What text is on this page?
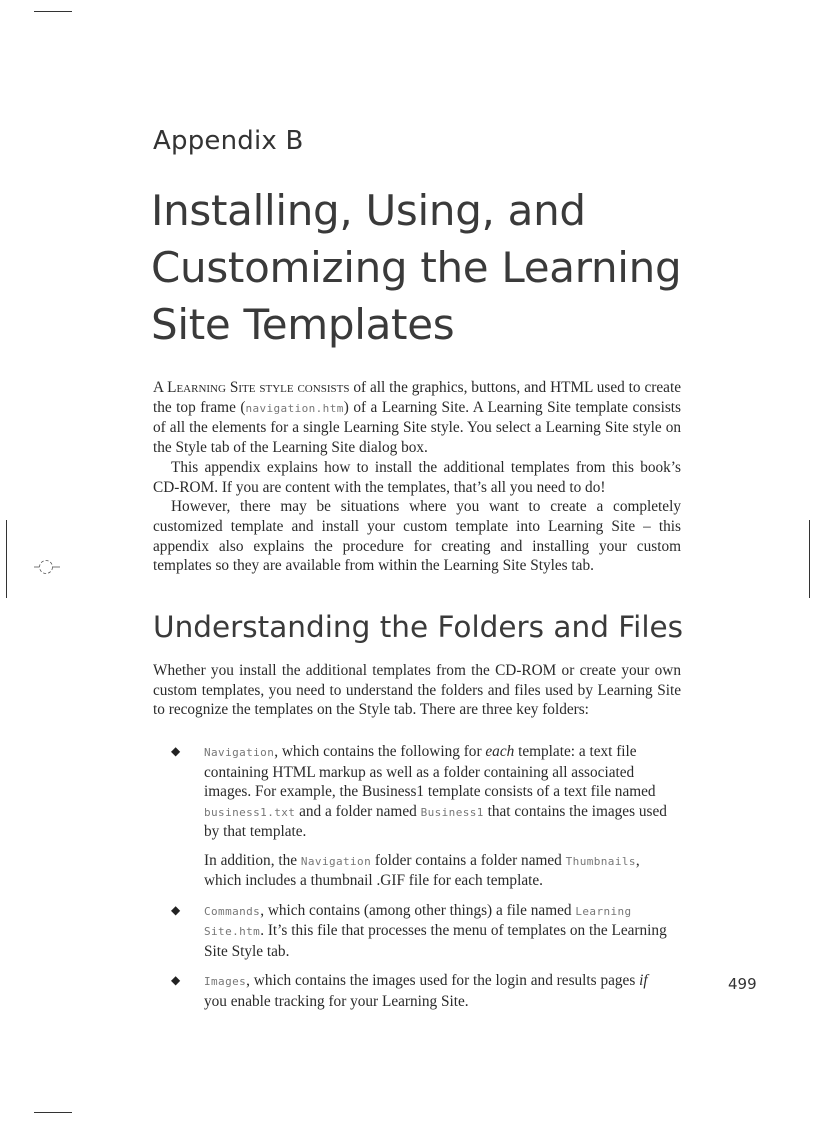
Appendix B
Installing, Using, and
Customizing the Learning
Site Templates

A Learning Site style consists of all the graphics, buttons, and HTML used to create the top frame (navigation.htm) of a Learning Site. A Learning Site template consists of all the elements for a single Learning Site style. You select a Learning Site style on the Style tab of the Learning Site dialog box.

This appendix explains how to install the additional templates from this book’s CD-ROM. If you are content with the templates, that’s all you need to do!

However, there may be situations where you want to create a completely customized template and install your custom template into Learning Site – this appendix also explains the procedure for creating and installing your custom templates so they are available from within the Learning Site Styles tab.

Understanding the Folders and Files

Whether you install the additional templates from the CD-ROM or create your own custom templates, you need to understand the folders and files used by Learning Site to recognize the templates on the Style tab. There are three key folders:

◆ Navigation, which contains the following for each template: a text file containing HTML markup as well as a folder containing all associated images. For example, the Business1 template consists of a text file named business1.txt and a folder named Business1 that contains the images used by that template.

In addition, the Navigation folder contains a folder named Thumbnails, which includes a thumbnail .GIF file for each template.

◆ Commands, which contains (among other things) a file named Learning Site.htm. It’s this file that processes the menu of templates on the Learning Site Style tab.

◆ Images, which contains the images used for the login and results pages if you enable tracking for your Learning Site.

499
